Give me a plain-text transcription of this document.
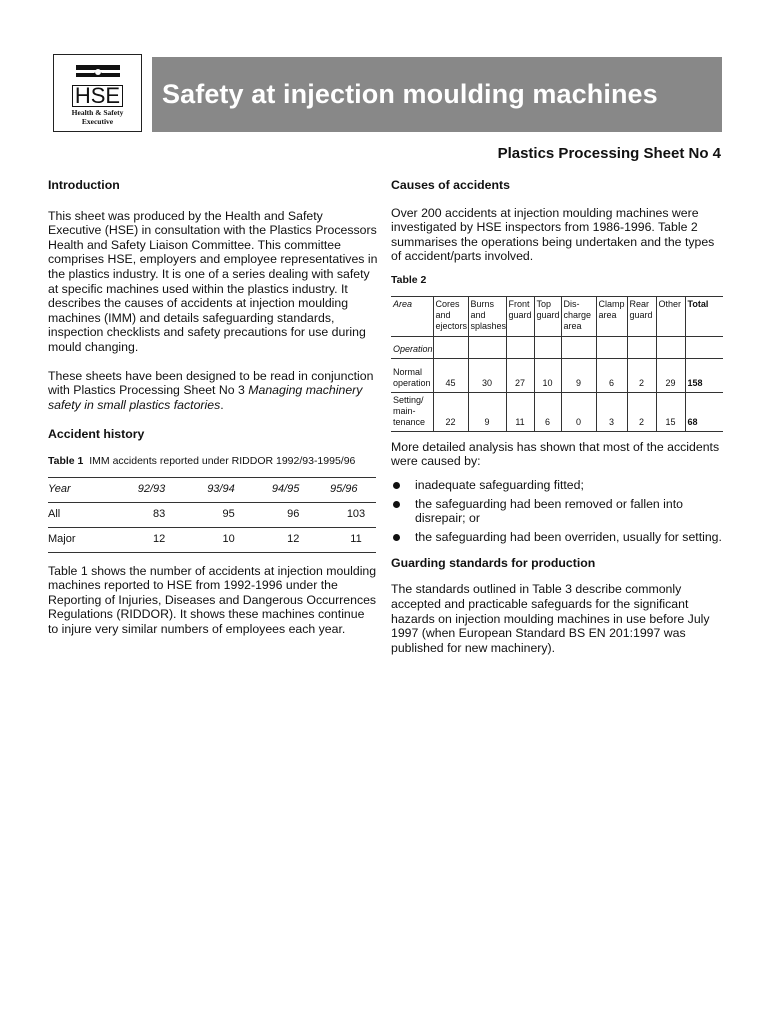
HSE
Health & Safety
Executive
Safety at injection moulding machines
Plastics Processing Sheet No 4
Introduction

This sheet was produced by the Health and Safety Executive (HSE) in consultation with the Plastics Processors Health and Safety Liaison Committee. This committee comprises HSE, employers and employee representatives in the plastics industry. It is one of a series dealing with safety at specific machines used within the plastics industry. It describes the causes of accidents at injection moulding machines (IMM) and details safeguarding standards, inspection checklists and safety precautions for use during mould changing.

These sheets have been designed to be read in conjunction with Plastics Processing Sheet No 3 Managing machinery safety in small plastics factories.

Accident history
Table 1 IMM accidents reported under RIDDOR 1992/93-1995/96
Year	92/93	93/94	94/95	95/96
All	83	95	96	103
Major	12	10	12	11

Table 1 shows the number of accidents at injection moulding machines reported to HSE from 1992-1996 under the Reporting of Injuries, Diseases and Dangerous Occurrences Regulations (RIDDOR). It shows these machines continue to injure very similar numbers of employees each year.

Causes of accidents

Over 200 accidents at injection moulding machines were investigated by HSE inspectors from 1986-1996. Table 2 summarises the operations being undertaken and the types of accident/parts involved.

Table 2
Area	Cores and ejectors	Burns and splashes	Front guard	Top guard	Dis-charge area	Clamp area	Rear guard	Other	Total
Operation									
Normal operation	45	30	27	10	9	6	2	29	158
Setting/ main-tenance	22	9	11	6	0	3	2	15	68

More detailed analysis has shown that most of the accidents were caused by:

inadequate safeguarding fitted;
the safeguarding had been removed or fallen into disrepair; or
the safeguarding had been overriden, usually for setting.
Guarding standards for production

The standards outlined in Table 3 describe commonly accepted and practicable safeguards for the significant hazards on injection moulding machines in use before July 1997 (when European Standard BS EN 201:1997 was published for new machinery).
